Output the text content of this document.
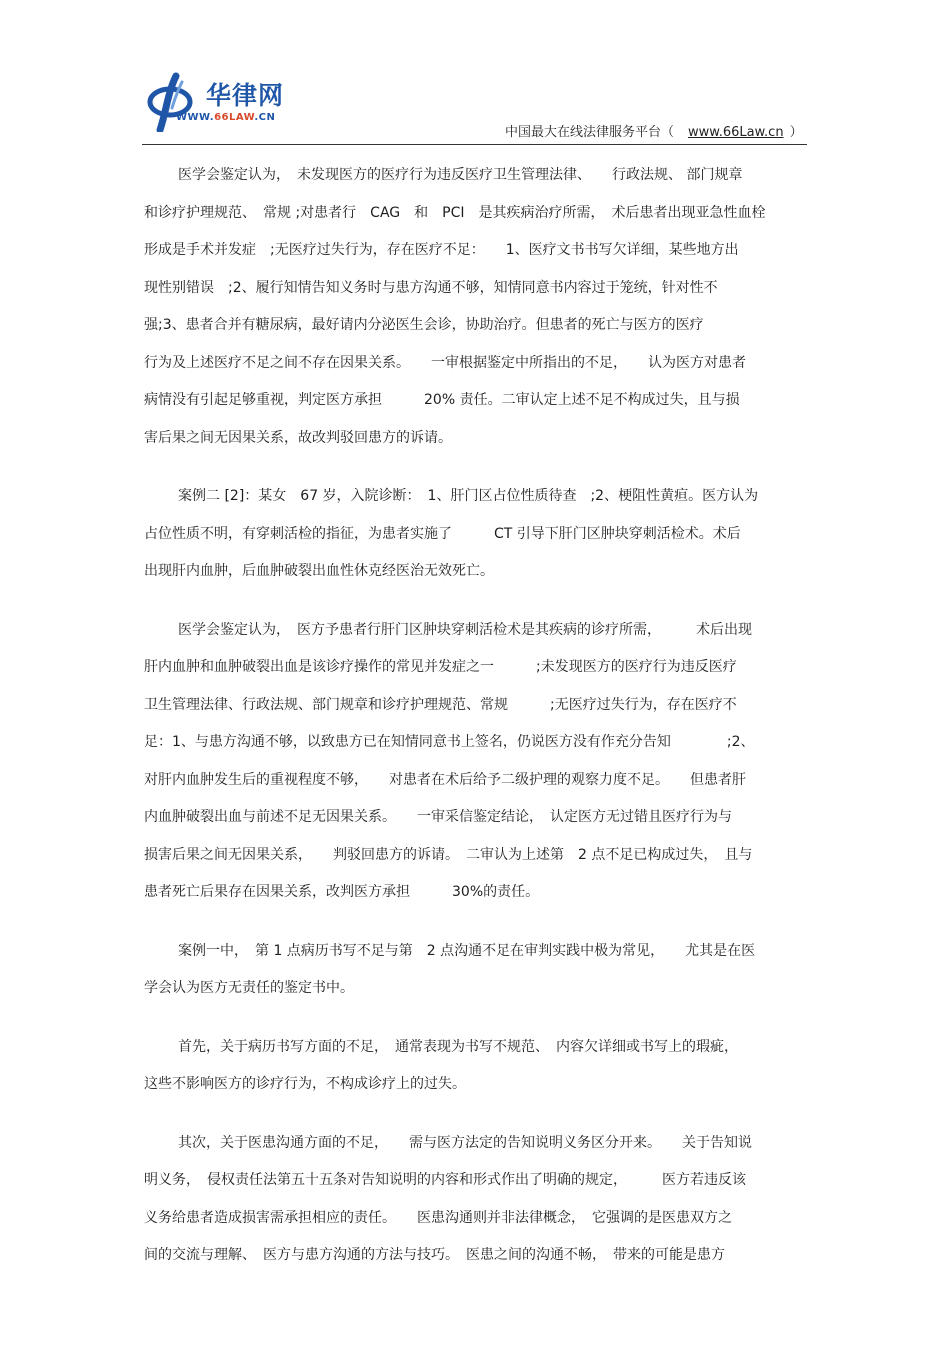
华律网
WWW.66LAW.CN
中国最大在线法律服务平台（ www.66Law.cn ）
医学会鉴定认为，　未发现医方的医疗行为违反医疗卫生管理法律、　　行政法规、 部门规章
和诊疗护理规范、　常规 ;对患者行　CAG　和　PCI　是其疾病治疗所需，　术后患者出现亚急性血栓
形成是手术并发症　;无医疗过失行为，存在医疗不足：　　1、医疗文书书写欠详细，某些地方出
现性别错误　;2、履行知情告知义务时与患方沟通不够，知情同意书内容过于笼统，针对性不
强;3、患者合并有糖尿病，最好请内分泌医生会诊，协助治疗。但患者的死亡与医方的医疗
行为及上述医疗不足之间不存在因果关系。　　一审根据鉴定中所指出的不足，　　认为医方对患者
病情没有引起足够重视，判定医方承担　　　20% 责任。二审认定上述不足不构成过失，且与损
害后果之间无因果关系，故改判驳回患方的诉请。
案例二 [2]：某女　67 岁，入院诊断：　1、肝门区占位性质待查　;2、梗阻性黄疸。医方认为
占位性质不明，有穿刺活检的指征，为患者实施了　　　CT 引导下肝门区肿块穿刺活检术。术后
出现肝内血肿，后血肿破裂出血性休克经医治无效死亡。
医学会鉴定认为，　医方予患者行肝门区肿块穿刺活检术是其疾病的诊疗所需，　　　术后出现
肝内血肿和血肿破裂出血是该诊疗操作的常见并发症之一　　　;未发现医方的医疗行为违反医疗
卫生管理法律、行政法规、部门规章和诊疗护理规范、常规　　　;无医疗过失行为，存在医疗不
足：1、与患方沟通不够，以致患方已在知情同意书上签名，仍说医方没有作充分告知　　　　;2、
对肝内血肿发生后的重视程度不够，　　对患者在术后给予二级护理的观察力度不足。　　但患者肝
内血肿破裂出血与前述不足无因果关系。　　一审采信鉴定结论，　认定医方无过错且医疗行为与
损害后果之间无因果关系，　　判驳回患方的诉请。　二审认为上述第　2 点不足已构成过失，　且与
患者死亡后果存在因果关系，改判医方承担　　　30%的责任。
案例一中，　第 1 点病历书写不足与第　2 点沟通不足在审判实践中极为常见，　　尤其是在医
学会认为医方无责任的鉴定书中。
首先，关于病历书写方面的不足，　通常表现为书写不规范、　内容欠详细或书写上的瑕疵，
这些不影响医方的诊疗行为，不构成诊疗上的过失。
其次，关于医患沟通方面的不足，　　需与医方法定的告知说明义务区分开来。　　关于告知说
明义务，　侵权责任法第五十五条对告知说明的内容和形式作出了明确的规定，　　　医方若违反该
义务给患者造成损害需承担相应的责任。　　医患沟通则并非法律概念，　它强调的是医患双方之
间的交流与理解、　医方与患方沟通的方法与技巧。　医患之间的沟通不畅，　带来的可能是患方
